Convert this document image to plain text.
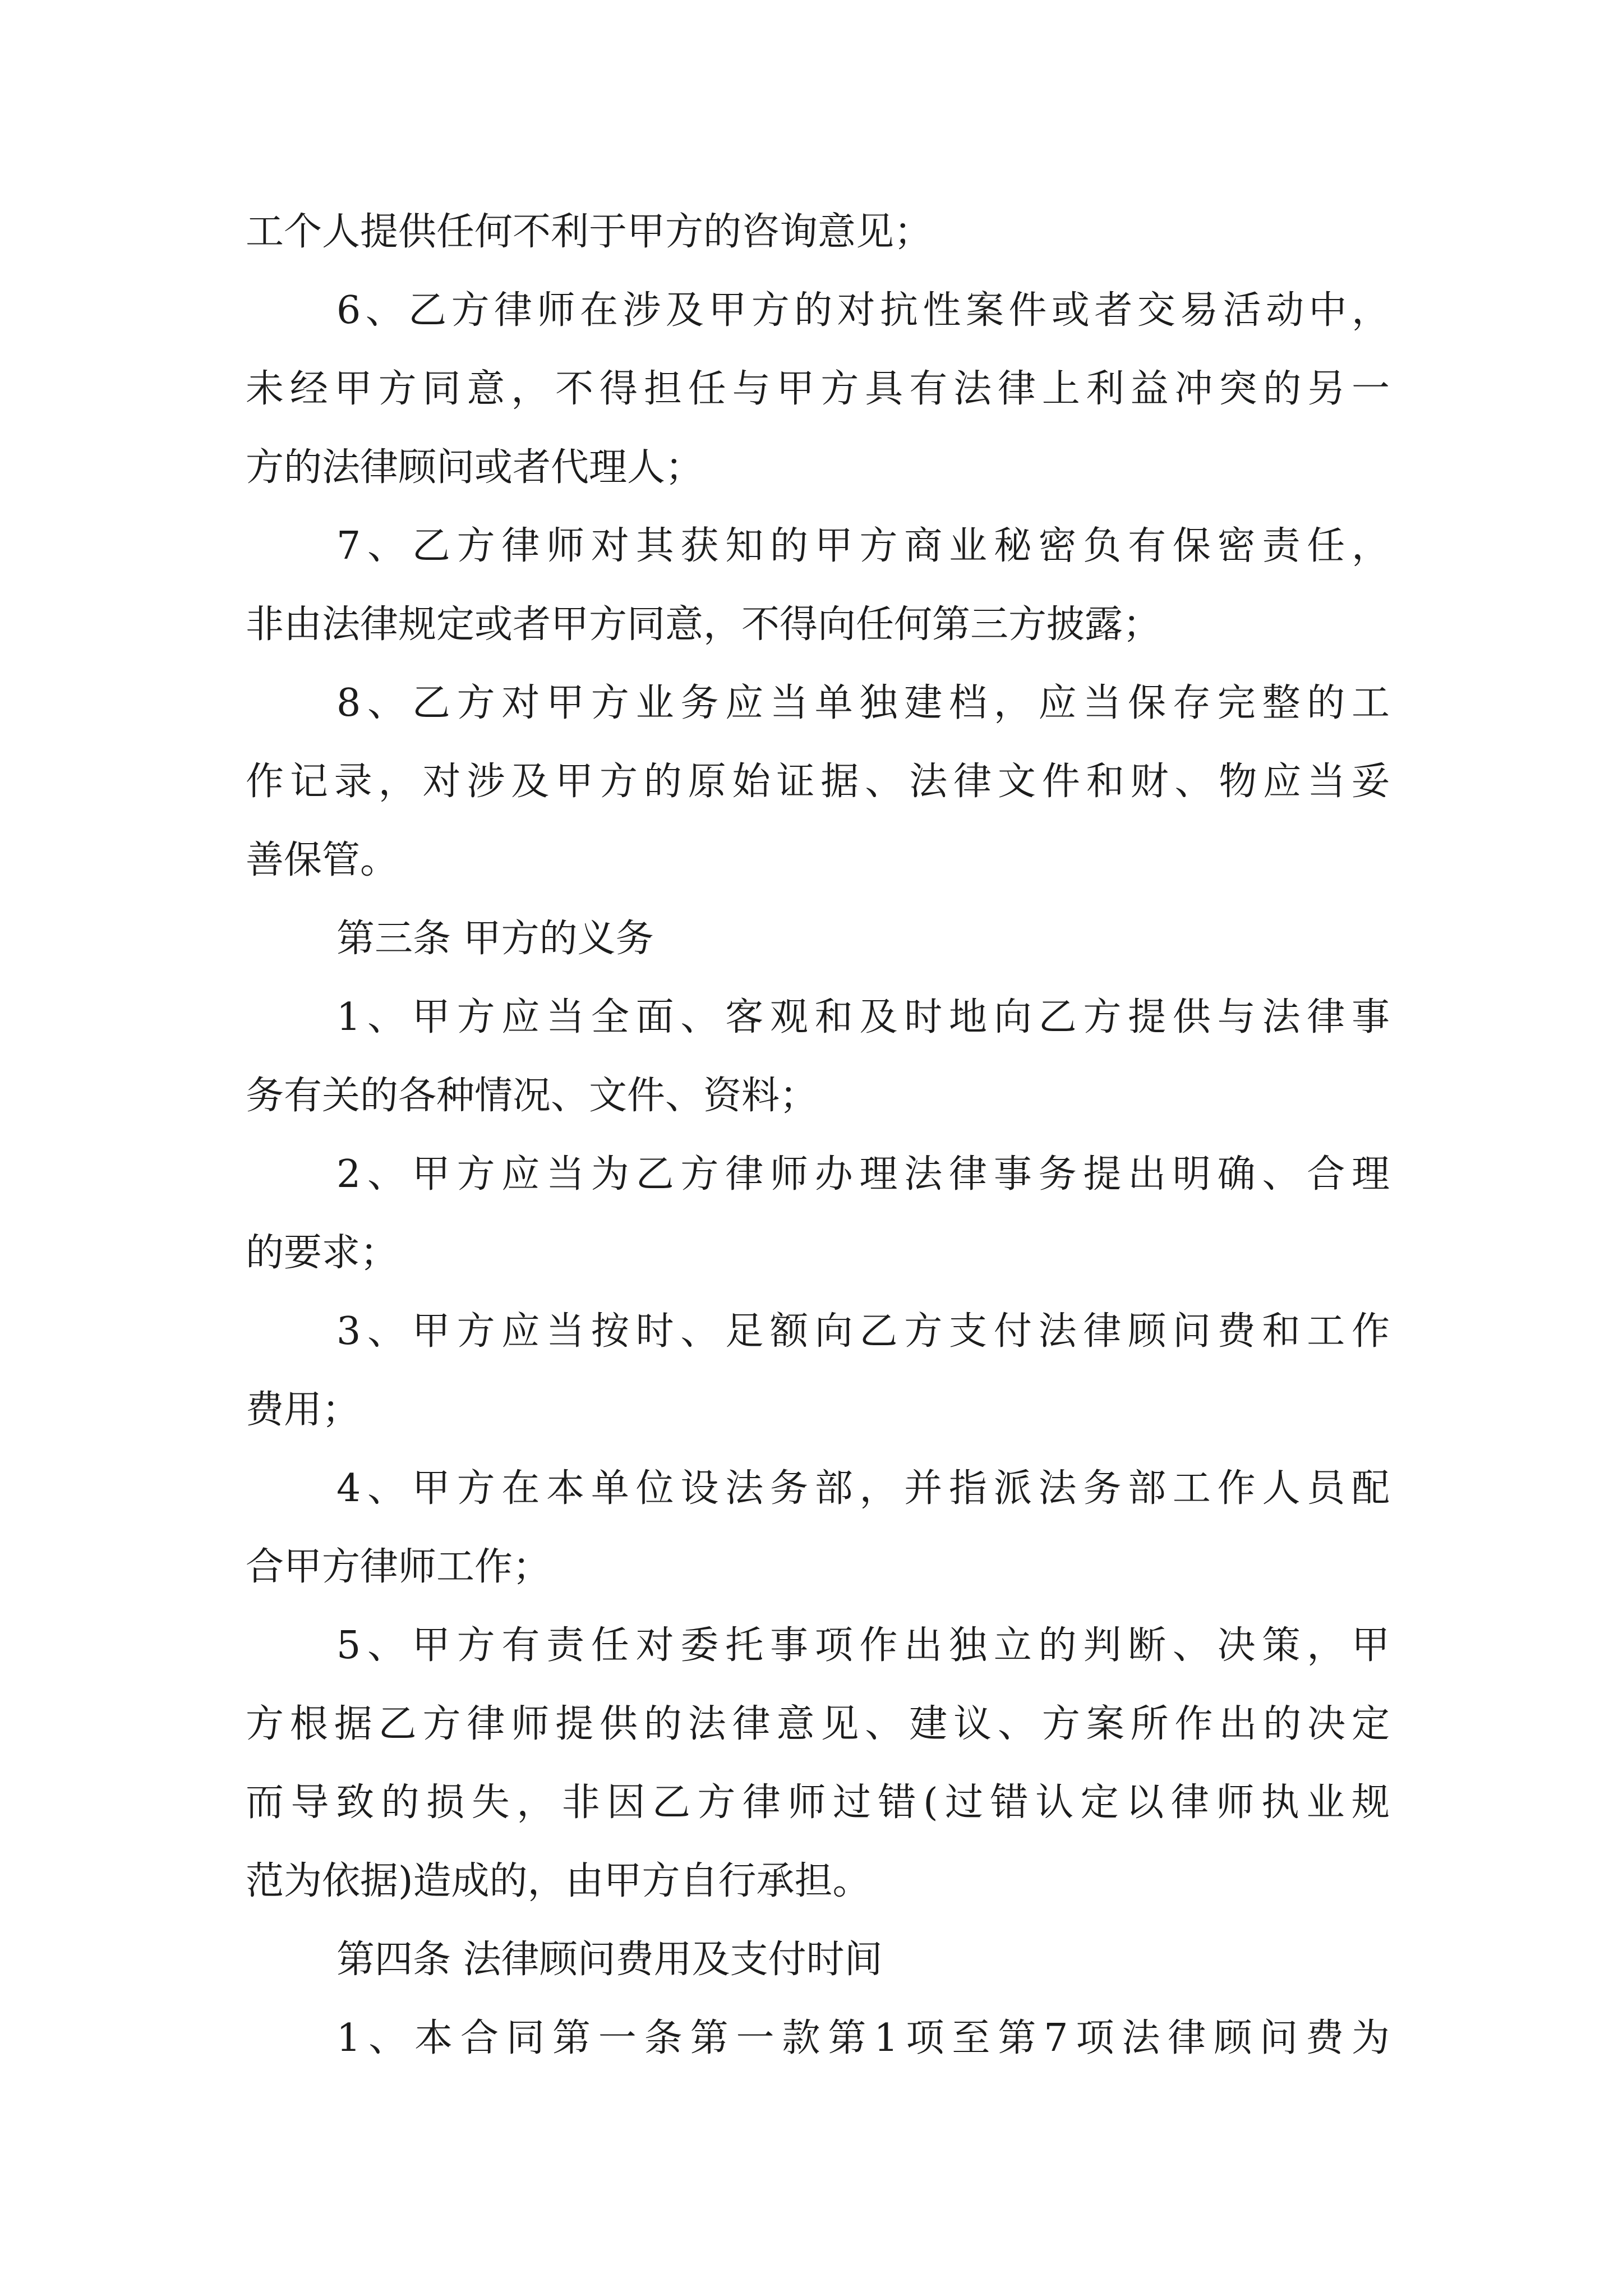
工个人提供任何不利于甲方的咨询意见；

6、乙方律师在涉及甲方的对抗性案件或者交易活动中，

未经甲方同意，不得担任与甲方具有法律上利益冲突的另一

方的法律顾问或者代理人；

7、乙方律师对其获知的甲方商业秘密负有保密责任，

非由法律规定或者甲方同意，不得向任何第三方披露；

8、乙方对甲方业务应当单独建档，应当保存完整的工

作记录，对涉及甲方的原始证据、法律文件和财、物应当妥

善保管。

第三条 甲方的义务

1、甲方应当全面、客观和及时地向乙方提供与法律事

务有关的各种情况、文件、资料；

2、甲方应当为乙方律师办理法律事务提出明确、合理

的要求；

3、甲方应当按时、足额向乙方支付法律顾问费和工作

费用；

4、甲方在本单位设法务部，并指派法务部工作人员配

合甲方律师工作；

5、甲方有责任对委托事项作出独立的判断、决策，甲

方根据乙方律师提供的法律意见、建议、方案所作出的决定

而导致的损失，非因乙方律师过错(过错认定以律师执业规

范为依据)造成的，由甲方自行承担。

第四条 法律顾问费用及支付时间

1、本合同第一条第一款第1项至第7项法律顾问费为
